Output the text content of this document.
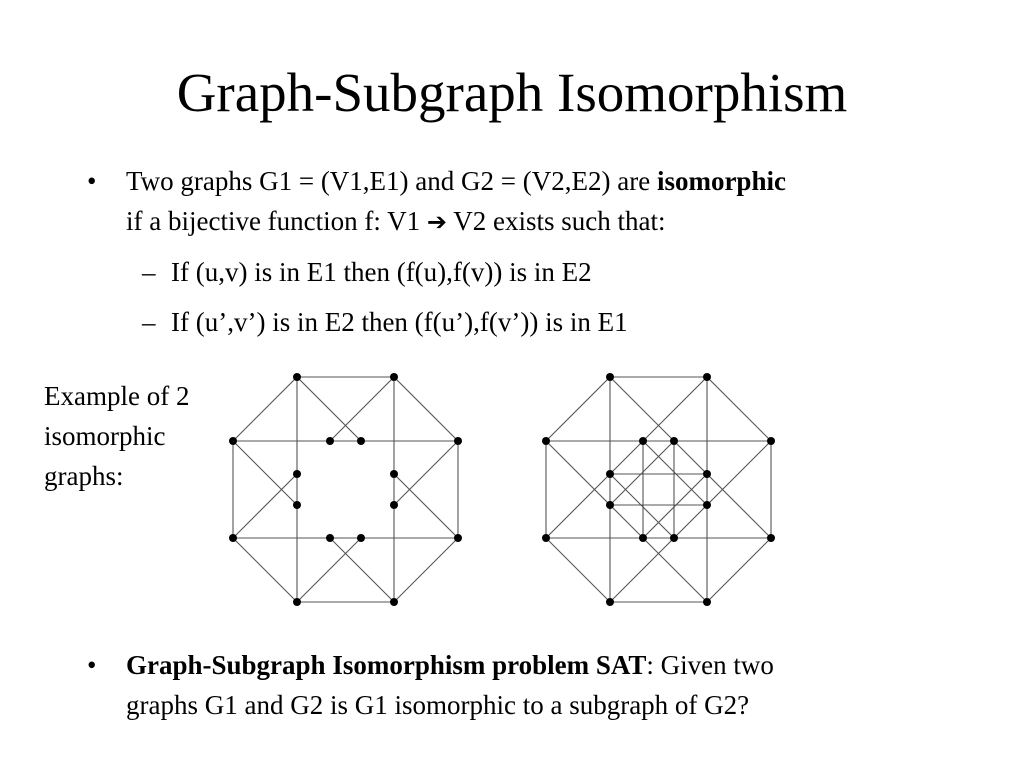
Graph-Subgraph Isomorphism
• Two graphs G1 = (V1,E1) and G2 = (V2,E2) are isomorphic
if a bijective function f: V1 ➔ V2 exists such that:
– If (u,v) is in E1 then (f(u),f(v)) is in E2
– If (u’,v’) is in E2 then (f(u’),f(v’)) is in E1
Example of 2
isomorphic
graphs:
• Graph-Subgraph Isomorphism problem SAT: Given two
graphs G1 and G2 is G1 isomorphic to a subgraph of G2?
